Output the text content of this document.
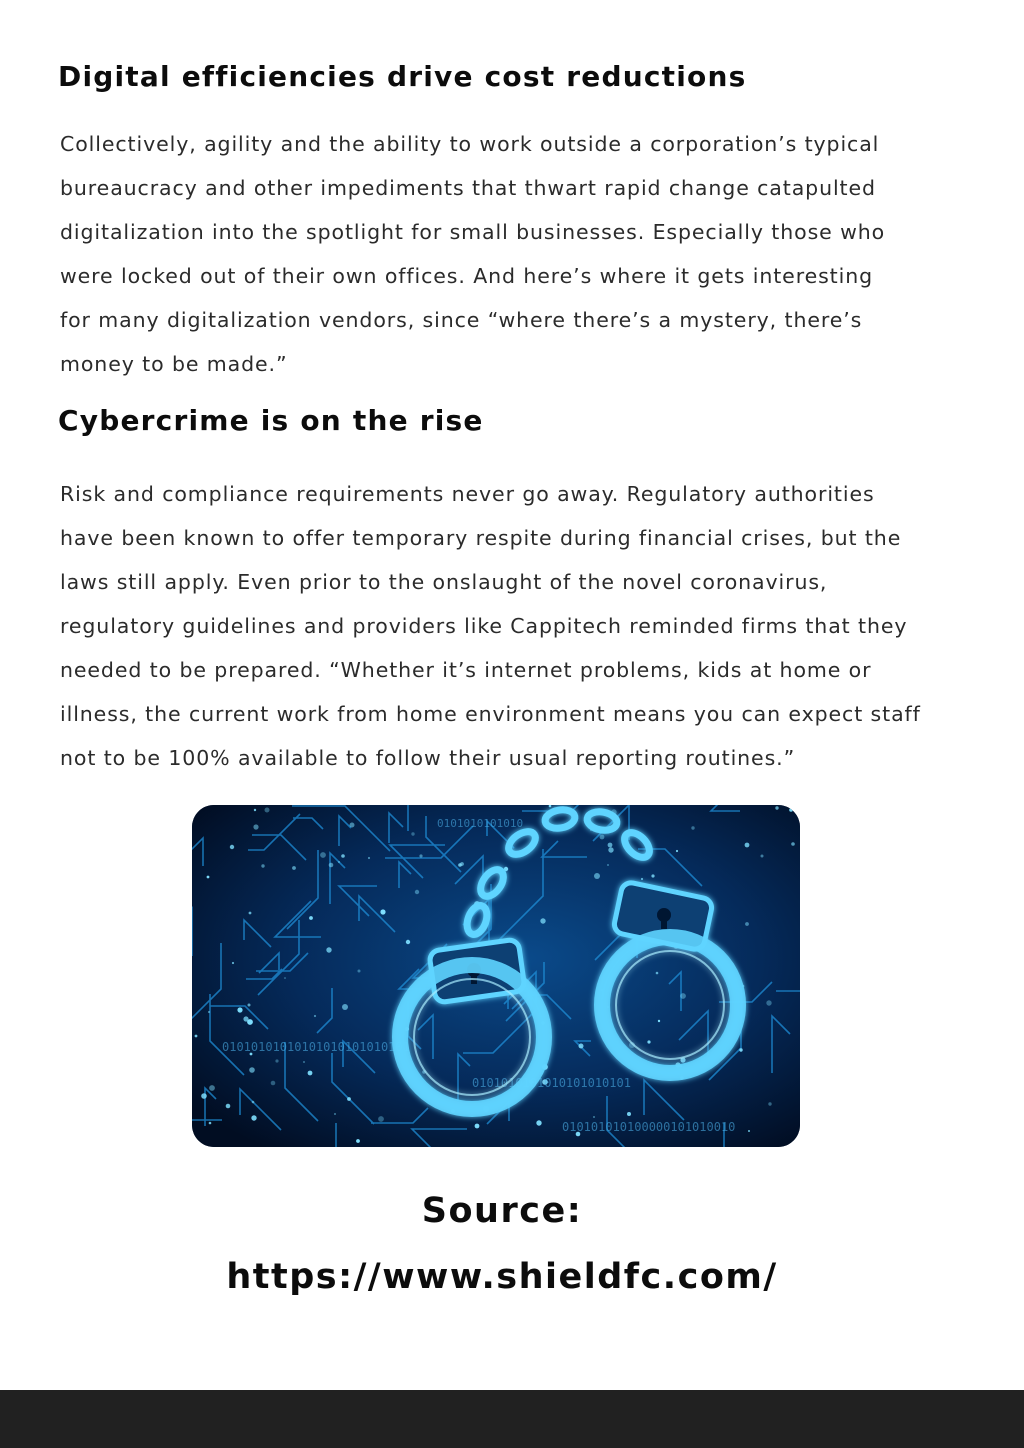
Digital efficiencies drive cost reductions

Collectively, agility and the ability to work outside a corporation’s typical
bureaucracy and other impediments that thwart rapid change catapulted
digitalization into the spotlight for small businesses. Especially those who
were locked out of their own offices. And here’s where it gets interesting
for many digitalization vendors, since “where there’s a mystery, there’s
money to be made.”

Cybercrime is on the rise

Risk and compliance requirements never go away. Regulatory authorities
have been known to offer temporary respite during financial crises, but the
laws still apply. Even prior to the onslaught of the novel coronavirus,
regulatory guidelines and providers like Cappitech reminded firms that they
needed to be prepared. “Whether it’s internet problems, kids at home or
illness, the current work from home environment means you can expect staff
not to be 100% available to follow their usual reporting routines.”

0101010101010
01010101010101010101010101
0101010101010101010101
010101010100000101010010
Source:
https://www.shieldfc.com/
